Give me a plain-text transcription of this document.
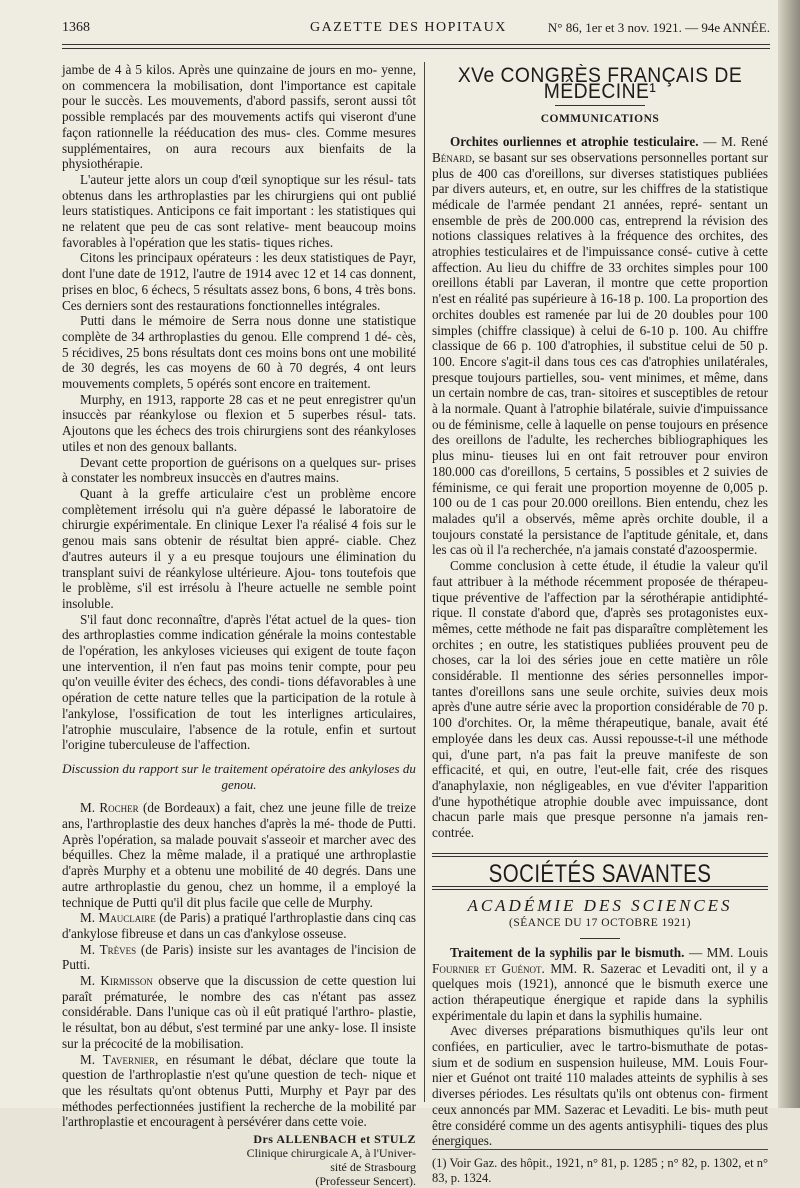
1368	GAZETTE DES HOPITAUX	N° 86, 1er et 3 nov. 1921. — 94e ANNÉE.

jambe de 4 à 5 kilos. Après une quinzaine de jours en mo- yenne, on commencera la mobilisation, dont l'importance est capitale pour le succès. Les mouvements, d'abord passifs, seront aussi tôt possible remplacés par des mouvements actifs qui viseront d'une façon rationnelle la rééducation des mus- cles. Comme mesures supplémentaires, on aura recours aux bienfaits de la physiothérapie.

L'auteur jette alors un coup d'œil synoptique sur les résul- tats obtenus dans les arthroplasties par les chirurgiens qui ont publié leurs statistiques. Anticipons ce fait important : les statistiques qui ne relatent que peu de cas sont relative- ment beaucoup moins favorables à l'opération que les statis- tiques riches.

Citons les principaux opérateurs : les deux statistiques de Payr, dont l'une date de 1912, l'autre de 1914 avec 12 et 14 cas donnent, prises en bloc, 6 échecs, 5 résultats assez bons, 6 bons, 4 très bons. Ces derniers sont des restaurations fonctionnelles intégrales.

Putti dans le mémoire de Serra nous donne une statistique complète de 34 arthroplasties du genou. Elle comprend 1 dé- cès, 5 récidives, 25 bons résultats dont ces moins bons ont une mobilité de 30 degrés, les cas moyens de 60 à 70 degrés, 4 ont leurs mouvements complets, 5 opérés sont encore en traitement.

Murphy, en 1913, rapporte 28 cas et ne peut enregistrer qu'un insuccès par réankylose ou flexion et 5 superbes résul- tats. Ajoutons que les échecs des trois chirurgiens sont des réankyloses utiles et non des genoux ballants.

Devant cette proportion de guérisons on a quelques sur- prises à constater les nombreux insuccès en d'autres mains.

Quant à la greffe articulaire c'est un problème encore complètement irrésolu qui n'a guère dépassé le laboratoire de chirurgie expérimentale. En clinique Lexer l'a réalisé 4 fois sur le genou mais sans obtenir de résultat bien appré- ciable. Chez d'autres auteurs il y a eu presque toujours une élimination du transplant suivi de réankylose ultérieure. Ajou- tons toutefois que le problème, s'il est irrésolu à l'heure actuelle ne semble point insoluble.

S'il faut donc reconnaître, d'après l'état actuel de la ques- tion des arthroplasties comme indication générale la moins contestable de l'opération, les ankyloses vicieuses qui exigent de toute façon une intervention, il n'en faut pas moins tenir compte, pour peu qu'on veuille éviter des échecs, des condi- tions défavorables à une opération de cette nature telles que la participation de la rotule à l'ankylose, l'ossification de tout les interlignes articulaires, l'atrophie musculaire, l'absence de la rotule, enfin et surtout l'origine tuberculeuse de l'affection.

Discussion du rapport sur le traitement opératoire des ankyloses du genou.

M. Rocher (de Bordeaux) a fait, chez une jeune fille de treize ans, l'arthroplastie des deux hanches d'après la mé- thode de Putti. Après l'opération, sa malade pouvait s'asseoir et marcher avec des béquilles. Chez la même malade, il a pratiqué une arthroplastie d'après Murphy et a obtenu une mobilité de 40 degrés. Dans une autre arthroplastie du genou, chez un homme, il a employé la technique de Putti qu'il dit plus facile que celle de Murphy.

M. Mauclaire (de Paris) a pratiqué l'arthroplastie dans cinq cas d'ankylose fibreuse et dans un cas d'ankylose osseuse.

M. Trèves (de Paris) insiste sur les avantages de l'incision de Putti.

M. Kirmisson observe que la discussion de cette question lui paraît prématurée, le nombre des cas n'étant pas assez considérable. Dans l'unique cas où il eût pratiqué l'arthro- plastie, le résultat, bon au début, s'est terminé par une anky- lose. Il insiste sur la précocité de la mobilisation.

M. Tavernier, en résumant le débat, déclare que toute la question de l'arthroplastie n'est qu'une question de tech- nique et que les résultats qu'ont obtenus Putti, Murphy et Payr par des méthodes perfectionnées justifient la recherche de la mobilité par l'arthroplastie et encouragent à persévérer dans cette voie.

Drs ALLENBACH et STULZ
Clinique chirurgicale A, à l'Univer-
sité de Strasbourg
(Professeur Sencert).
XVe CONGRÈS FRANÇAIS DE MÉDECINE¹
COMMUNICATIONS

Orchites ourliennes et atrophie testiculaire. — M. René Bénard, se basant sur ses observations personnelles portant sur plus de 400 cas d'oreillons, sur diverses statistiques publiées par divers auteurs, et, en outre, sur les chiffres de la statistique médicale de l'armée pendant 21 années, repré- sentant un ensemble de près de 200.000 cas, entreprend la révision des notions classiques relatives à la fréquence des orchites, des atrophies testiculaires et de l'impuissance consé- cutive à cette affection. Au lieu du chiffre de 33 orchites simples pour 100 oreillons établi par Laveran, il montre que cette proportion n'est en réalité pas supérieure à 16-18 p. 100. La proportion des orchites doubles est ramenée par lui de 20 doubles pour 100 simples (chiffre classique) à celui de 6-10 p. 100. Au chiffre classique de 66 p. 100 d'atrophies, il substitue celui de 50 p. 100. Encore s'agit-il dans tous ces cas d'atrophies unilatérales, presque toujours partielles, sou- vent minimes, et même, dans un certain nombre de cas, tran- sitoires et susceptibles de retour à la normale. Quant à l'atrophie bilatérale, suivie d'impuissance ou de féminisme, celle à laquelle on pense toujours en présence des oreillons de l'adulte, les recherches bibliographiques les plus minu- tieuses lui en ont fait retrouver pour environ 180.000 cas d'oreillons, 5 certains, 5 possibles et 2 suivies de féminisme, ce qui ferait une proportion moyenne de 0,005 p. 100 ou de 1 cas pour 20.000 oreillons. Bien entendu, chez les malades qu'il a observés, même après orchite double, il a toujours constaté la persistance de l'aptitude génitale, et, dans les cas où il l'a recherchée, n'a jamais constaté d'azoospermie.

Comme conclusion à cette étude, il étudie la valeur qu'il faut attribuer à la méthode récemment proposée de thérapeu- tique préventive de l'affection par la sérothérapie antidiphté- rique. Il constate d'abord que, d'après ses protagonistes eux- mêmes, cette méthode ne fait pas disparaître complètement les orchites ; en outre, les statistiques publiées prouvent peu de choses, car la loi des séries joue en cette matière un rôle considérable. Il mentionne des séries personnelles impor- tantes d'oreillons sans une seule orchite, suivies deux mois après d'une autre série avec la proportion considérable de 70 p. 100 d'orchites. Or, la même thérapeutique, banale, avait été employée dans les deux cas. Aussi repousse-t-il une méthode qui, d'une part, n'a pas fait la preuve manifeste de son efficacité, et qui, en outre, l'eut-elle fait, crée des risques d'anaphylaxie, non négligeables, en vue d'éviter l'apparition d'une hypothétique atrophie double avec impuissance, dont chacun parle mais que presque personne n'a jamais ren- contrée.

SOCIÉTÉS SAVANTES
ACADÉMIE DES SCIENCES
(SÉANCE DU 17 OCTOBRE 1921)

Traitement de la syphilis par le bismuth. — MM. Louis Fournier et Guénot. MM. R. Sazerac et Levaditi ont, il y a quelques mois (1921), annoncé que le bismuth exerce une action thérapeutique énergique et rapide dans la syphilis expérimentale du lapin et dans la syphilis humaine.

Avec diverses préparations bismuthiques qu'ils leur ont confiées, en particulier, avec le tartro-bismuthate de potas- sium et de sodium en suspension huileuse, MM. Louis Four- nier et Guénot ont traité 110 malades atteints de syphilis à ses diverses périodes. Les résultats qu'ils ont obtenus con- firment ceux annoncés par MM. Sazerac et Levaditi. Le bis- muth peut être considéré comme un des agents antisyphili- tiques des plus énergiques.

(1) Voir Gaz. des hôpit., 1921, n° 81, p. 1285 ; n° 82, p. 1302, et n° 83, p. 1324.
